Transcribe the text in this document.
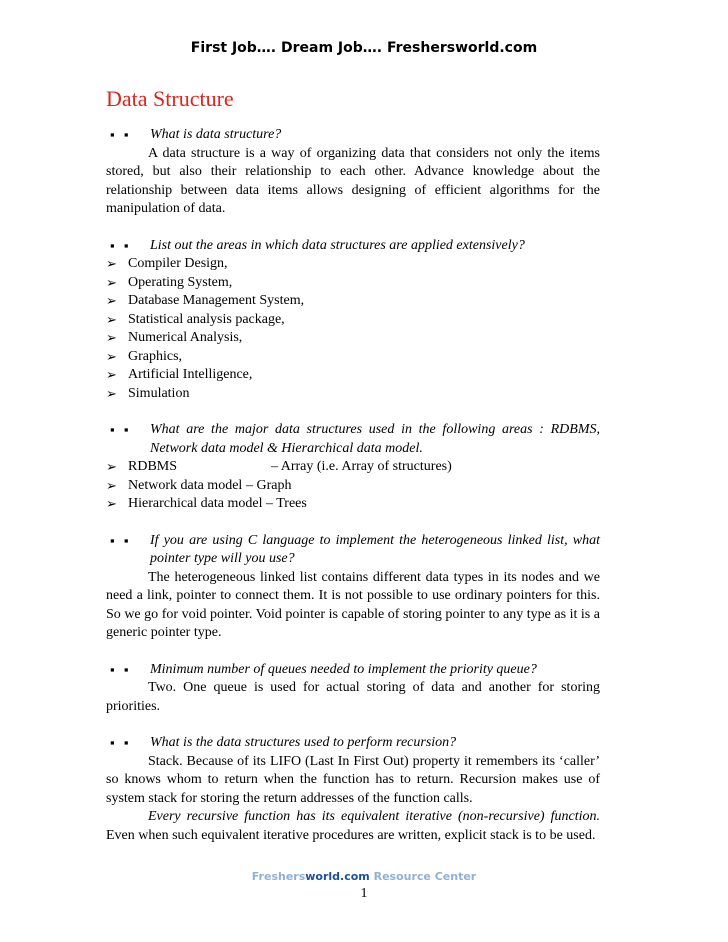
First Job…. Dream Job…. Freshersworld.com
Data Structure
▪ ▪ What is data structure?

A data structure is a way of organizing data that considers not only the items stored, but also their relationship to each other. Advance knowledge about the relationship between data items allows designing of efficient algorithms for the manipulation of data.

▪ ▪ List out the areas in which data structures are applied extensively?
➢ Compiler Design,
➢ Operating System,
➢ Database Management System,
➢ Statistical analysis package,
➢ Numerical Analysis,
➢ Graphics,
➢ Artificial Intelligence,
➢ Simulation
▪ ▪ What are the major data structures used in the following areas : RDBMS, Network data model & Hierarchical data model.
➢ RDBMS	– Array (i.e. Array of structures)
➢ Network data model – Graph
➢ Hierarchical data model – Trees
▪ ▪ If you are using C language to implement the heterogeneous linked list, what pointer type will you use?

The heterogeneous linked list contains different data types in its nodes and we need a link, pointer to connect them. It is not possible to use ordinary pointers for this. So we go for void pointer. Void pointer is capable of storing pointer to any type as it is a generic pointer type.

▪ ▪ Minimum number of queues needed to implement the priority queue?

Two. One queue is used for actual storing of data and another for storing priorities.

▪ ▪ What is the data structures used to perform recursion?

Stack. Because of its LIFO (Last In First Out) property it remembers its ‘caller’ so knows whom to return when the function has to return. Recursion makes use of system stack for storing the return addresses of the function calls.

Every recursive function has its equivalent iterative (non-recursive) function. Even when such equivalent iterative procedures are written, explicit stack is to be used.

Freshersworld.com Resource Center
1
